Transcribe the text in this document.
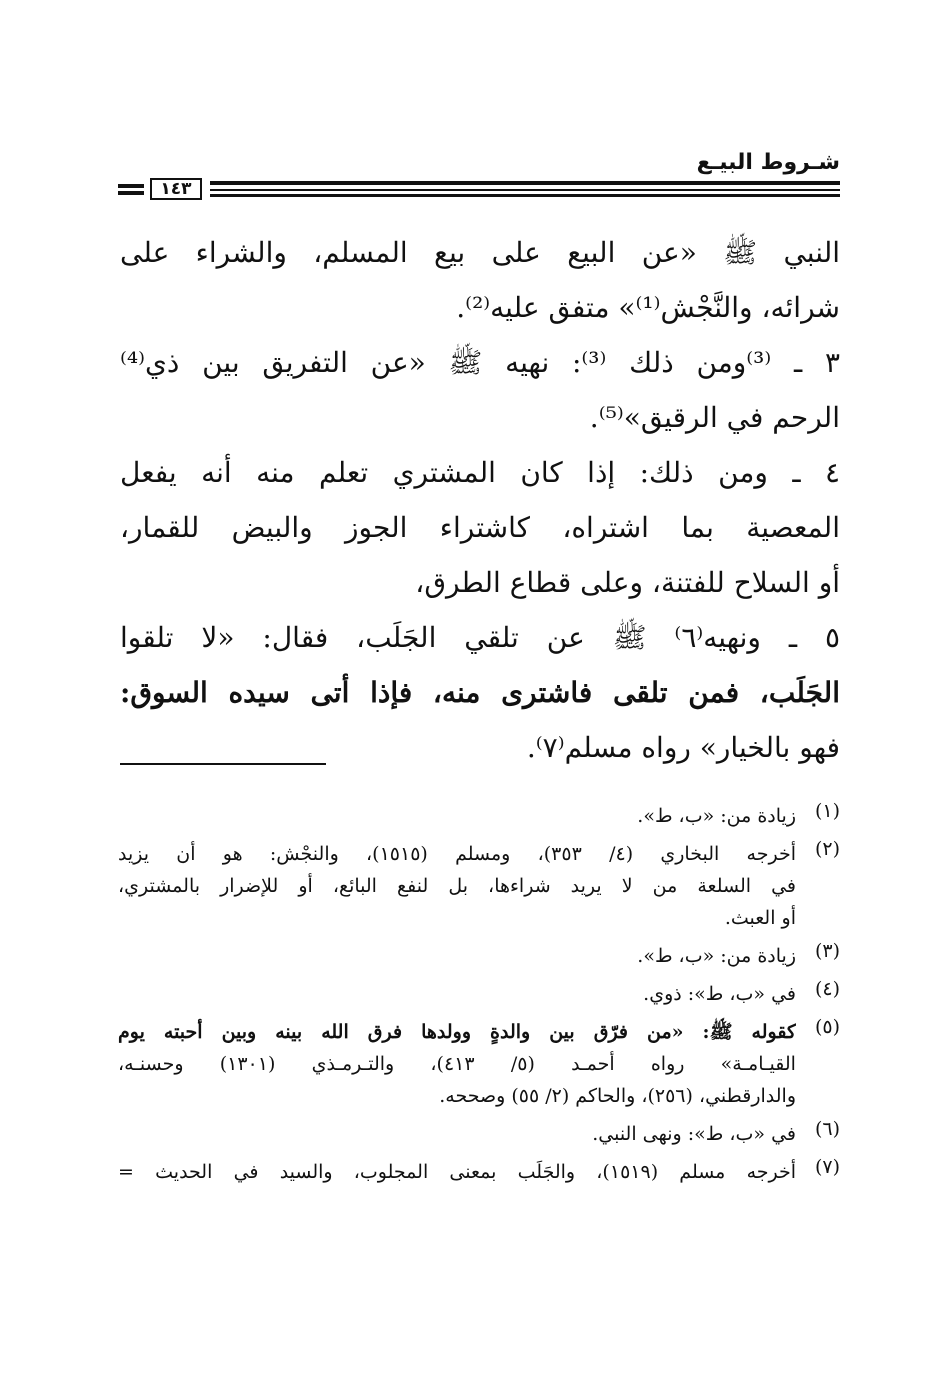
شـروط البيـع
١٤٣
النبي ﷺ «عن البيع على بيع المسلم، والشراء على
شرائه، والنَّجْش⁽¹⁾» متفق عليه⁽²⁾.
٣ ـ ⁽³⁾ومن ذلك ⁽³⁾: نهيه ﷺ «عن التفريق بين ذي⁽⁴⁾
الرحم في الرقيق»⁽⁵⁾.
٤ ـ ومن ذلك: إذا كان المشتري تعلم منه أنه يفعل
المعصية بما اشتراه، كاشتراء الجوز والبيض للقمار،
أو السلاح للفتنة، وعلى قطاع الطرق،
٥ ـ ونهيه⁽٦⁾ ﷺ عن تلقي الجَلَب، فقال: «لا تلقوا
الجَلَب، فمن تلقى فاشترى منه، فإذا أتى سيده السوق:
فهو بالخيار» رواه مسلم⁽٧⁾.
(١)
زيادة من: «ب، ط».
(٢)
أخرجه البخاري (٤/ ٣٥٣)، ومسلم (١٥١٥)، والنجْش: هو أن يزيد
في السلعة من لا يريد شراءها، بل لنفع البائع، أو للإضرار بالمشتري،
أو العبث.
(٣)
زيادة من: «ب، ط».
(٤)
في «ب، ط»: ذوي.
(٥)
كقوله ﷺ: «من فرّق بين والدةٍ وولدها فرق الله بينه وبين أحبته يوم
القيـامـة» رواه أحمـد (٥/ ٤١٣)، والتـرمـذي (١٣٠١) وحسنـه،
والدارقطني، (٢٥٦)، والحاكم (٢/ ٥٥) وصححه.
(٦)
في «ب، ط»: ونهى النبي.
(٧)
أخرجه مسلم (١٥١٩)، والجَلَب بمعنى المجلوب، والسيد في الحديث =
